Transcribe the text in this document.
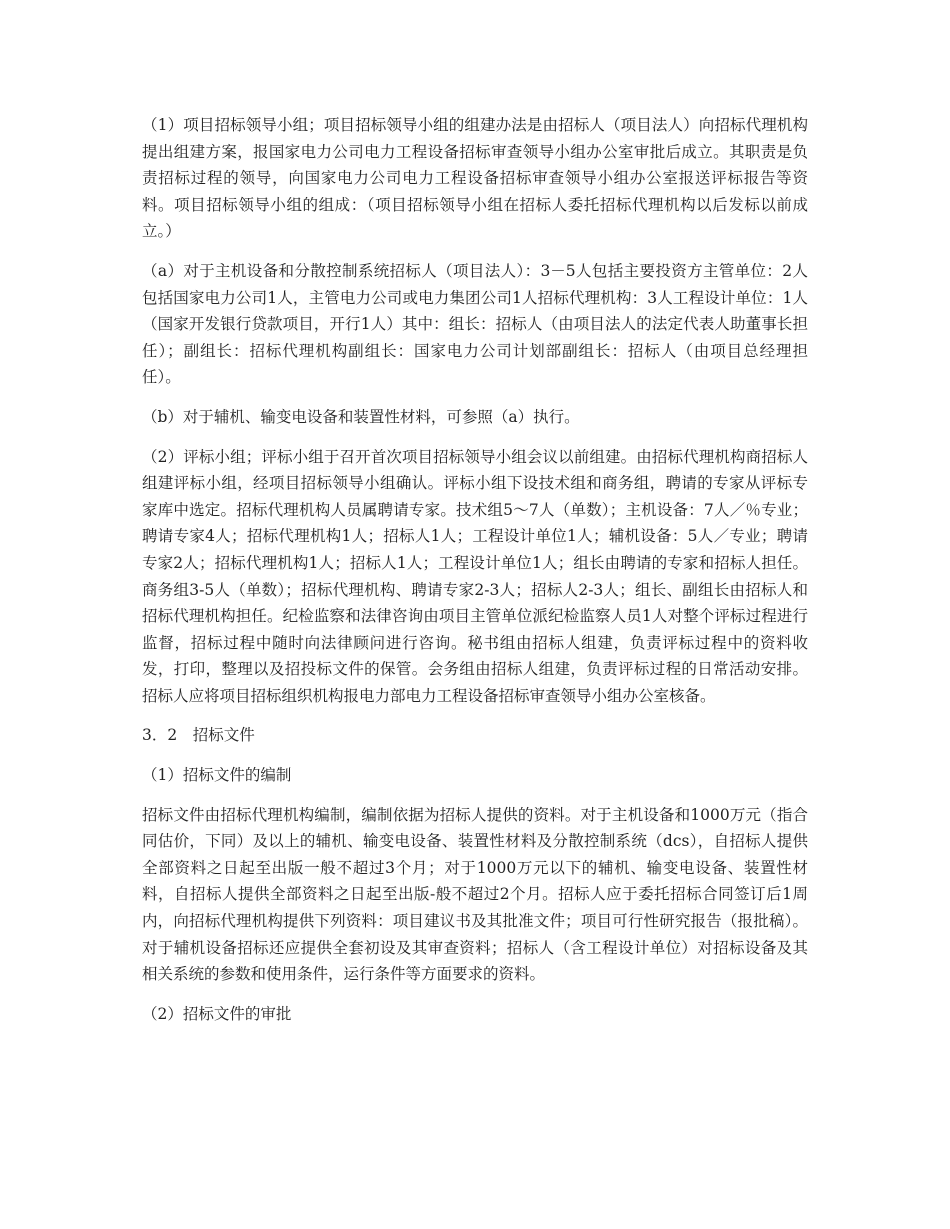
（1）项目招标领导小组；项目招标领导小组的组建办法是由招标人（项目法人）向招标代理机构提出组建方案，报国家电力公司电力工程设备招标审查领导小组办公室审批后成立。其职责是负责招标过程的领导，向国家电力公司电力工程设备招标审查领导小组办公室报送评标报告等资料。项目招标领导小组的组成：（项目招标领导小组在招标人委托招标代理机构以后发标以前成立。）

（a）对于主机设备和分散控制系统招标人（项目法人）：3－5人包括主要投资方主管单位：2人包括国家电力公司1人，主管电力公司或电力集团公司1人招标代理机构：3人工程设计单位：1人（国家开发银行贷款项目，开行1人）其中：组长：招标人（由项目法人的法定代表人助董事长担任）；副组长：招标代理机构副组长：国家电力公司计划部副组长：招标人（由项目总经理担任）。

（b）对于辅机、输变电设备和装置性材料，可参照（a）执行。

（2）评标小组；评标小组于召开首次项目招标领导小组会议以前组建。由招标代理机构商招标人组建评标小组，经项目招标领导小组确认。评标小组下设技术组和商务组，聘请的专家从评标专家库中选定。招标代理机构人员属聘请专家。技术组5～7人（单数）；主机设备：7人／％专业；聘请专家4人；招标代理机构1人；招标人1人；工程设计单位1人；辅机设备：5人／专业；聘请专家2人；招标代理机构1人；招标人1人；工程设计单位1人；组长由聘请的专家和招标人担任。商务组3-5人（单数）；招标代理机构、聘请专家2-3人；招标人2-3人；组长、副组长由招标人和招标代理机构担任。纪检监察和法律咨询由项目主管单位派纪检监察人员1人对整个评标过程进行监督，招标过程中随时向法律顾问进行咨询。秘书组由招标人组建，负责评标过程中的资料收发，打印，整理以及招投标文件的保管。会务组由招标人组建，负责评标过程的日常活动安排。招标人应将项目招标组织机构报电力部电力工程设备招标审查领导小组办公室核备。

3．2　招标文件

（1）招标文件的编制

招标文件由招标代理机构编制，编制依据为招标人提供的资料。对于主机设备和1000万元（指合同估价，下同）及以上的辅机、输变电设备、装置性材料及分散控制系统（dcs），自招标人提供全部资料之日起至出版一般不超过3个月；对于1000万元以下的辅机、输变电设备、装置性材料，自招标人提供全部资料之日起至出版-般不超过2个月。招标人应于委托招标合同签订后1周内，向招标代理机构提供下列资料：项目建议书及其批准文件；项目可行性研究报告（报批稿）。对于辅机设备招标还应提供全套初设及其审查资料；招标人（含工程设计单位）对招标设备及其相关系统的参数和使用条件，运行条件等方面要求的资料。

（2）招标文件的审批
